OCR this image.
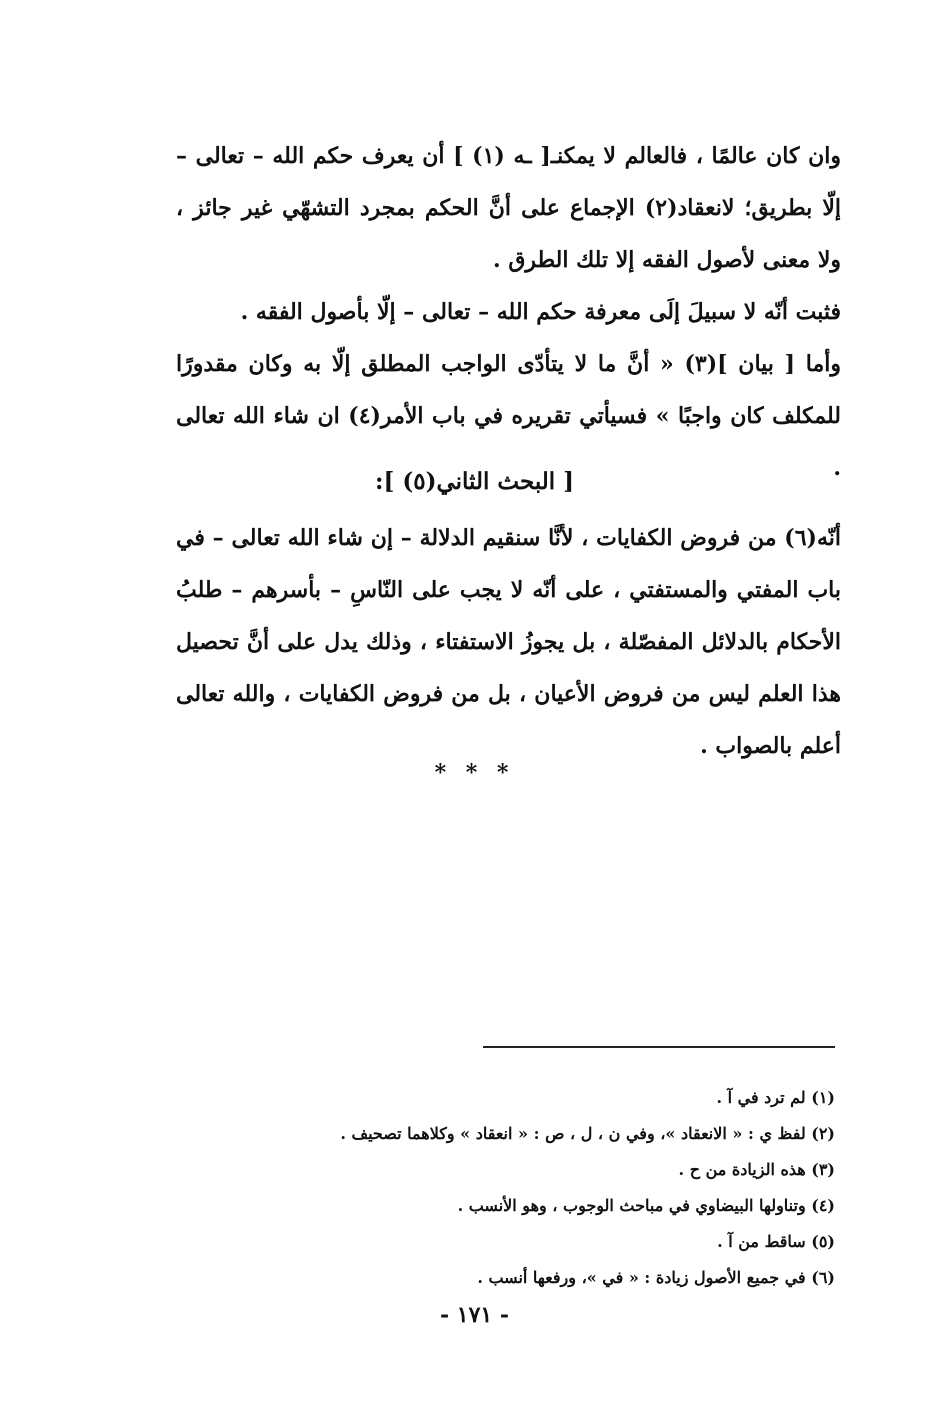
وان كان عالمًا ، فالعالم لا يمكنـ[ ـه (١) ] أن يعرف حكم الله – تعالى – إلّا بطريق؛ لانعقاد(٢) الإجماع على أنَّ الحكم بمجرد التشهّي غير جائز ، ولا معنى لأصول الفقه إلا تلك الطرق .

فثبت أنّه لا سبيلَ إلَى معرفة حكم الله – تعالى – إلّا بأصول الفقه .

وأما [ بيان ](٣) « أنَّ ما لا يتأدّى الواجب المطلق إلّا به وكان مقدورًا للمكلف كان واجبًا » فسيأتي تقريره في باب الأمر(٤) ان شاء الله تعالى .

[ البحث الثاني(٥) ]:

أنّه(٦) من فروض الكفايات ، لأنَّا سنقيم الدلالة – إن شاء الله تعالى – في باب المفتي والمستفتي ، على أنّه لا يجب على النّاسِ – بأسرهم – طلبُ الأحكام بالدلائل المفصّلة ، بل يجوزُ الاستفتاء ، وذلك يدل على أنَّ تحصيل هذا العلم ليس من فروض الأعيان ، بل من فروض الكفايات ، والله تعالى أعلم بالصواب .

* * *
(١) لم ترد في آ .
(٢) لفظ ي : « الانعقاد »، وفي ن ، ل ، ص : « انعقاد » وكلاهما تصحيف .
(٣) هذه الزيادة من ح .
(٤) وتناولها البيضاوي في مباحث الوجوب ، وهو الأنسب .
(٥) ساقط من آ .
(٦) في جميع الأصول زيادة : « في »، ورفعها أنسب .
- ١٧١ -
